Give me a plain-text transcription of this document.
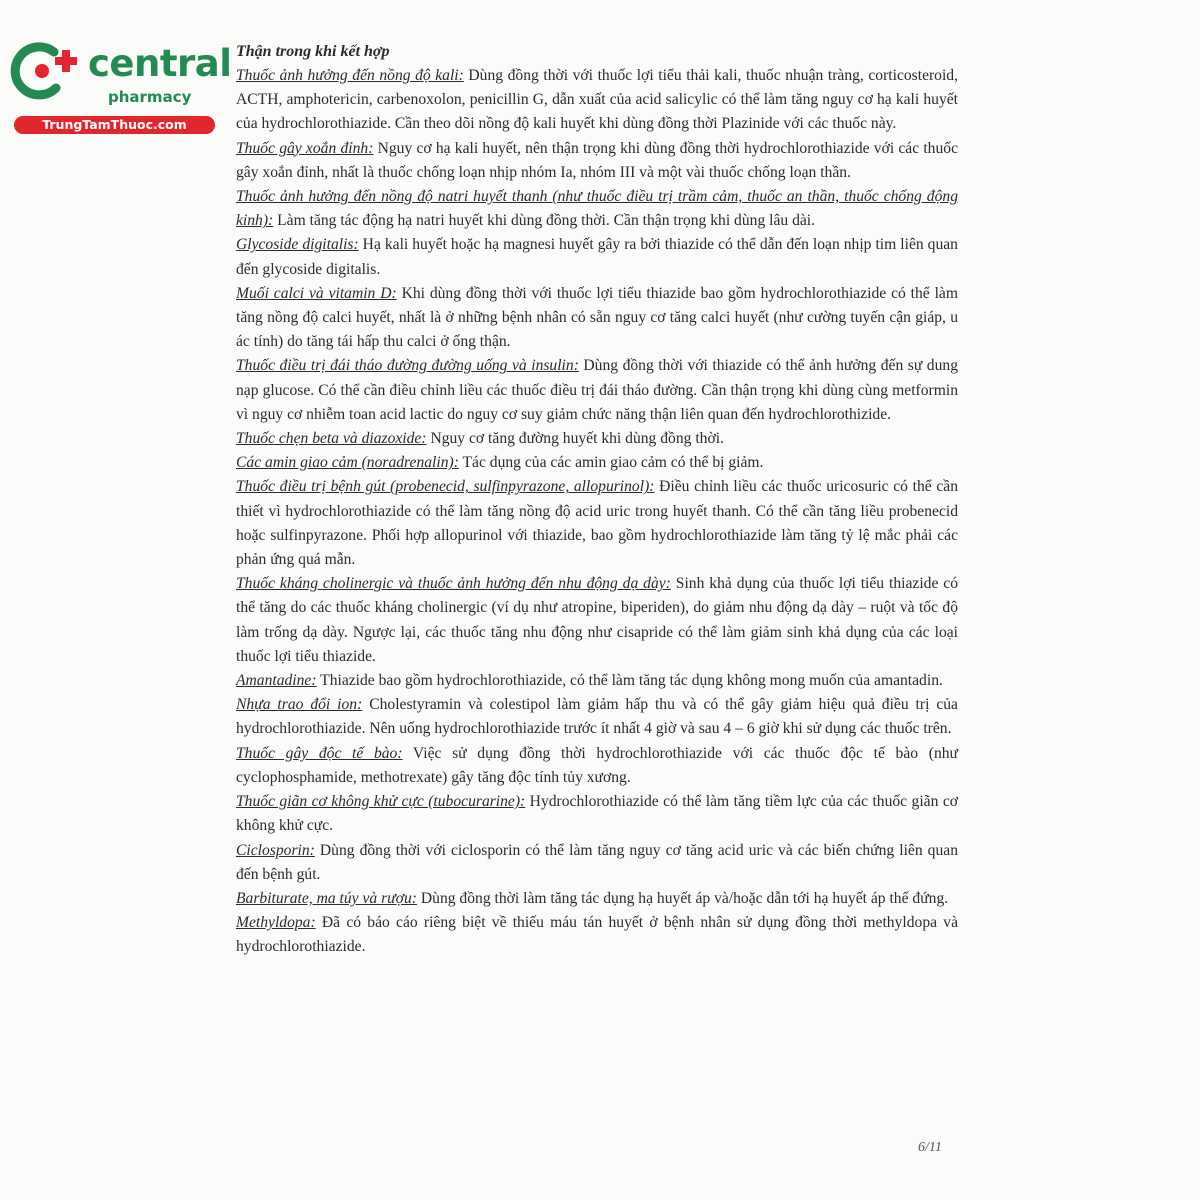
central
pharmacy
TrungTamThuoc.com

Thận trong khi kết hợp

Thuốc ảnh hưởng đến nồng độ kali: Dùng đồng thời với thuốc lợi tiểu thải kali, thuốc nhuận tràng, corticosteroid, ACTH, amphotericin, carbenoxolon, penicillin G, dẫn xuất của acid salicylic có thể làm tăng nguy cơ hạ kali huyết của hydrochlorothiazide. Cần theo dõi nồng độ kali huyết khi dùng đồng thời Plazinide với các thuốc này.

Thuốc gây xoắn đỉnh: Nguy cơ hạ kali huyết, nên thận trọng khi dùng đồng thời hydrochlorothiazide với các thuốc gây xoắn đỉnh, nhất là thuốc chống loạn nhịp nhóm Ia, nhóm III và một vài thuốc chống loạn thần.

Thuốc ảnh hưởng đến nồng độ natri huyết thanh (như thuốc điều trị trầm cảm, thuốc an thần, thuốc chống động kinh): Làm tăng tác động hạ natri huyết khi dùng đồng thời. Cần thận trọng khi dùng lâu dài.

Glycoside digitalis: Hạ kali huyết hoặc hạ magnesi huyết gây ra bởi thiazide có thể dẫn đến loạn nhịp tim liên quan đến glycoside digitalis.

Muối calci và vitamin D: Khi dùng đồng thời với thuốc lợi tiểu thiazide bao gồm hydrochlorothiazide có thể làm tăng nồng độ calci huyết, nhất là ở những bệnh nhân có sẵn nguy cơ tăng calci huyết (như cường tuyến cận giáp, u ác tính) do tăng tái hấp thu calci ở ống thận.

Thuốc điều trị đái tháo đường đường uống và insulin: Dùng đồng thời với thiazide có thể ảnh hưởng đến sự dung nạp glucose. Có thể cần điều chỉnh liều các thuốc điều trị đái tháo đường. Cần thận trọng khi dùng cùng metformin vì nguy cơ nhiễm toan acid lactic do nguy cơ suy giảm chức năng thận liên quan đến hydrochlorothizide.

Thuốc chẹn beta và diazoxide: Nguy cơ tăng đường huyết khi dùng đồng thời.

Các amin giao cảm (noradrenalin): Tác dụng của các amin giao cảm có thể bị giảm.

Thuốc điều trị bệnh gút (probenecid, sulfinpyrazone, allopurinol): Điều chỉnh liều các thuốc uricosuric có thể cần thiết vì hydrochlorothiazide có thể làm tăng nồng độ acid uric trong huyết thanh. Có thể cần tăng liều probenecid hoặc sulfinpyrazone. Phối hợp allopurinol với thiazide, bao gồm hydrochlorothiazide làm tăng tỷ lệ mắc phải các phản ứng quá mẫn.

Thuốc kháng cholinergic và thuốc ảnh hưởng đến nhu động dạ dày: Sinh khả dụng của thuốc lợi tiểu thiazide có thể tăng do các thuốc kháng cholinergic (ví dụ như atropine, biperiden), do giảm nhu động dạ dày – ruột và tốc độ làm trống dạ dày. Ngược lại, các thuốc tăng nhu động như cisapride có thể làm giảm sinh khả dụng của các loại thuốc lợi tiểu thiazide.

Amantadine: Thiazide bao gồm hydrochlorothiazide, có thể làm tăng tác dụng không mong muốn của amantadin.

Nhựa trao đổi ion: Cholestyramin và colestipol làm giảm hấp thu và có thể gây giảm hiệu quả điều trị của hydrochlorothiazide. Nên uống hydrochlorothiazide trước ít nhất 4 giờ và sau 4 – 6 giờ khi sử dụng các thuốc trên.

Thuốc gây độc tế bào: Việc sử dụng đồng thời hydrochlorothiazide với các thuốc độc tế bào (như cyclophosphamide, methotrexate) gây tăng độc tính tủy xương.

Thuốc giãn cơ không khử cực (tubocurarine): Hydrochlorothiazide có thể làm tăng tiềm lực của các thuốc giãn cơ không khử cực.

Ciclosporin: Dùng đồng thời với ciclosporin có thể làm tăng nguy cơ tăng acid uric và các biến chứng liên quan đến bệnh gút.

Barbiturate, ma túy và rượu: Dùng đồng thời làm tăng tác dụng hạ huyết áp và/hoặc dẫn tới hạ huyết áp thế đứng.

Methyldopa: Đã có báo cáo riêng biệt về thiếu máu tán huyết ở bệnh nhân sử dụng đồng thời methyldopa và hydrochlorothiazide.

6/11
